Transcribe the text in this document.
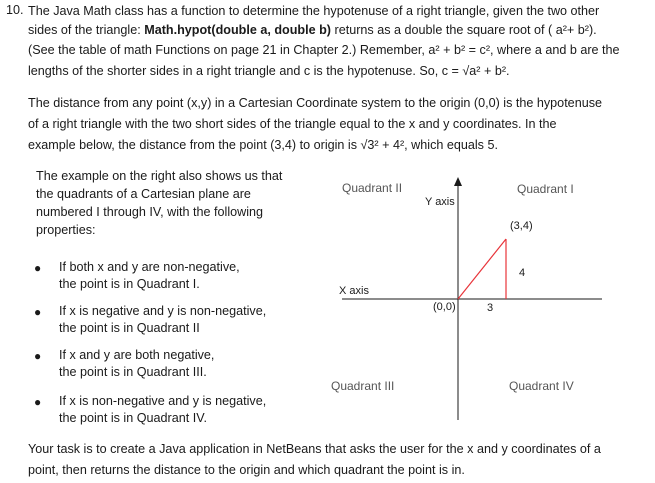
10. The Java Math class has a function to determine the hypotenuse of a right triangle, given the two other
sides of the triangle: Math.hypot(double a, double b) returns as a double the square root of ( a²+ b²).
(See the table of math Functions on page 21 in Chapter 2.) Remember, a² + b² = c², where a and b are the
lengths of the shorter sides in a right triangle and c is the hypotenuse. So, c = √a² + b².
The distance from any point (x,y) in a Cartesian Coordinate system to the origin (0,0) is the hypotenuse
of a right triangle with the two short sides of the triangle equal to the x and y coordinates. In the
example below, the distance from the point (3,4) to origin is √3² + 4², which equals 5.
The example on the right also shows us that
the quadrants of a Cartesian plane are
numbered I through IV, with the following
properties:
● If both x and y are non-negative,
the point is in Quadrant I.
● If x is negative and y is non-negative,
the point is in Quadrant II
● If x and y are both negative,
the point is in Quadrant III.
● If x is non-negative and y is negative,
the point is in Quadrant IV.
Quadrant II	Quadrant I
Quadrant III	Quadrant IV
Y axis
X axis
(3,4)
(0,0)	3
4
Your task is to create a Java application in NetBeans that asks the user for the x and y coordinates of a
point, then returns the distance to the origin and which quadrant the point is in.
